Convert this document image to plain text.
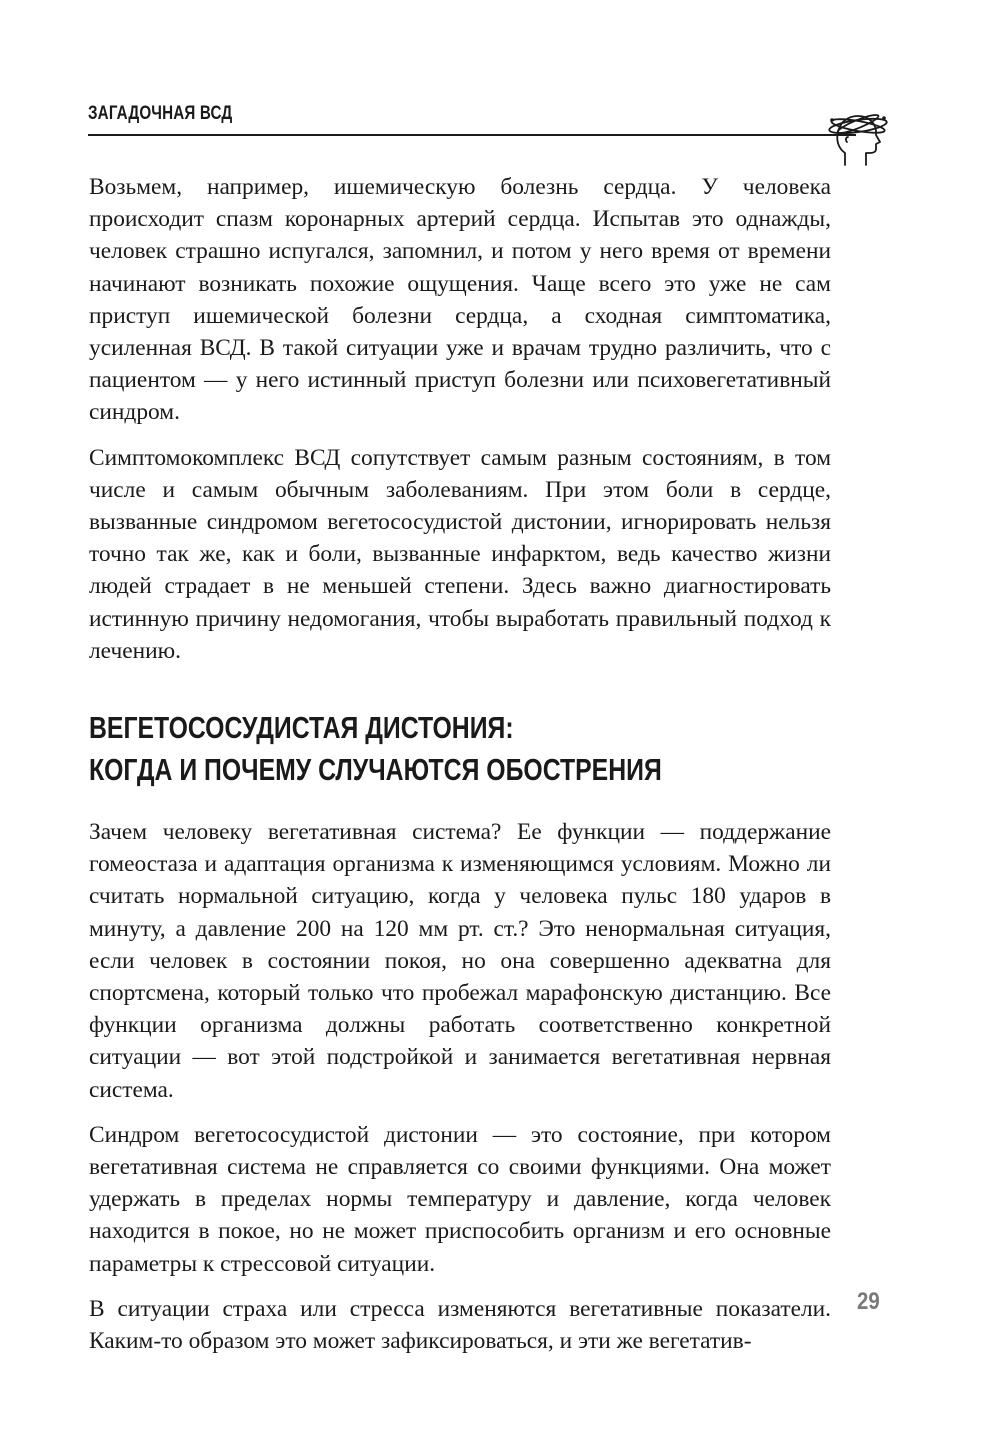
ЗАГАДОЧНАЯ ВСД

Возьмем, например, ишемическую болезнь сердца. У человека происходит спазм коронарных артерий сердца. Испытав это однажды, человек страшно испугался, запомнил, и потом у него время от времени начинают возникать похожие ощущения. Чаще всего это уже не сам приступ ишемической болезни сердца, а сходная симптоматика, усиленная ВСД. В такой ситуации уже и врачам трудно различить, что с пациентом — у него истинный приступ болезни или психовегетативный синдром.

Симптомокомплекс ВСД сопутствует самым разным состояниям, в том числе и самым обычным заболеваниям. При этом боли в сердце, вызванные синдромом вегетососудистой дистонии, игнорировать нельзя точно так же, как и боли, вызванные инфарктом, ведь качество жизни людей страдает в не меньшей степени. Здесь важно диагностировать истинную причину недомогания, чтобы выработать правильный подход к лечению.

ВЕГЕТОСОСУДИСТАЯ ДИСТОНИЯ:
КОГДА И ПОЧЕМУ СЛУЧАЮТСЯ ОБОСТРЕНИЯ

Зачем человеку вегетативная система? Ее функции — поддержание гомеостаза и адаптация организма к изменяющимся условиям. Можно ли считать нормальной ситуацию, когда у человека пульс 180 ударов в минуту, а давление 200 на 120 мм рт. ст.? Это ненормальная ситуация, если человек в состоянии покоя, но она совершенно адекватна для спортсмена, который только что пробежал марафонскую дистанцию. Все функции организма должны работать соответственно конкретной ситуации — вот этой подстройкой и занимается вегетативная нервная система.

Синдром вегетососудистой дистонии — это состояние, при котором вегетативная система не справляется со своими функциями. Она может удержать в пределах нормы температуру и давление, когда человек находится в покое, но не может приспособить организм и его основные параметры к стрессовой ситуации.

В ситуации страха или стресса изменяются вегетативные показатели. Каким-то образом это может зафиксироваться, и эти же вегетатив-

29
